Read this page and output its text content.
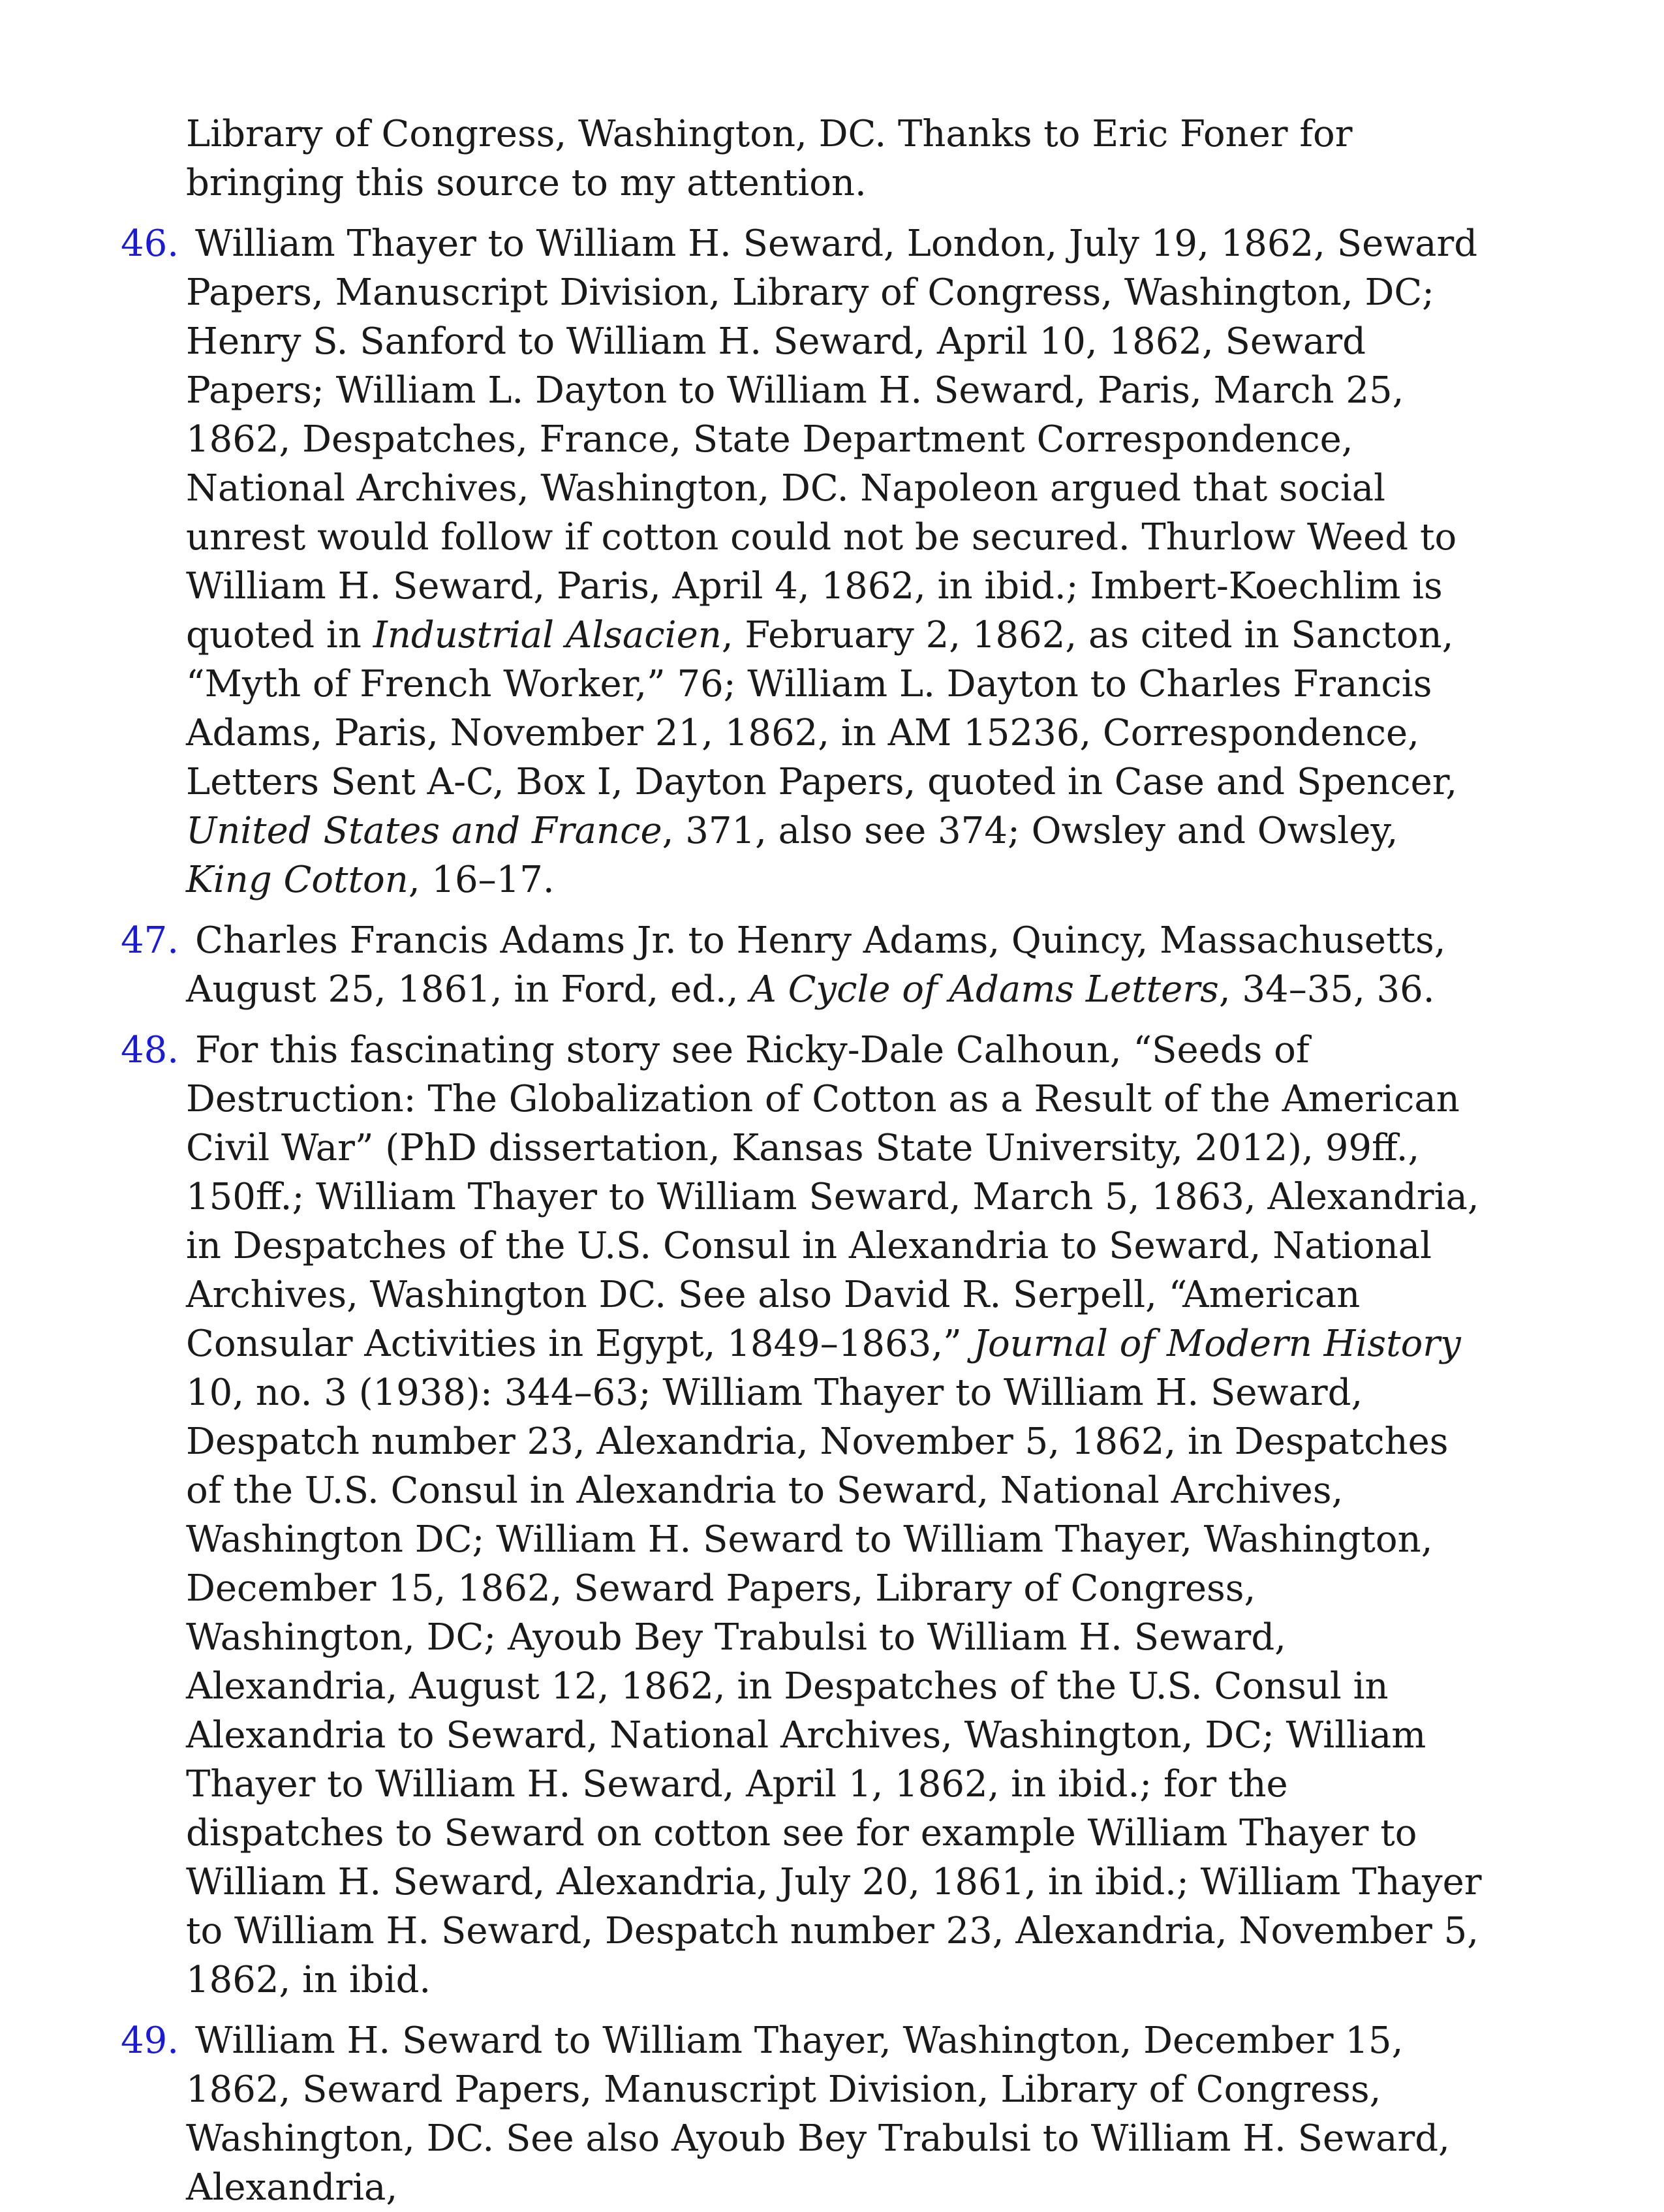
Library of Congress, Washington, DC. Thanks to Eric Foner for bringing this source to my attention.

46. William Thayer to William H. Seward, London, July 19, 1862, Seward Papers, Manuscript Division, Library of Congress, Washington, DC; Henry S. Sanford to William H. Seward, April 10, 1862, Seward Papers; William L. Dayton to William H. Seward, Paris, March 25, 1862, Despatches, France, State Department Correspondence, National Archives, Washington, DC. Napoleon argued that social unrest would follow if cotton could not be secured. Thurlow Weed to William H. Seward, Paris, April 4, 1862, in ibid.; Imbert-Koechlim is quoted in Industrial Alsacien, February 2, 1862, as cited in Sancton, “Myth of French Worker,” 76; William L. Dayton to Charles Francis Adams, Paris, November 21, 1862, in AM 15236, Correspondence, Letters Sent A-C, Box I, Dayton Papers, quoted in Case and Spencer, United States and France, 371, also see 374; Owsley and Owsley, King Cotton, 16–17.

47. Charles Francis Adams Jr. to Henry Adams, Quincy, Massachusetts, August 25, 1861, in Ford, ed., A Cycle of Adams Letters, 34–35, 36.

48. For this fascinating story see Ricky-Dale Calhoun, “Seeds of Destruction: The Globalization of Cotton as a Result of the American Civil War” (PhD dissertation, Kansas State University, 2012), 99ff., 150ff.; William Thayer to William Seward, March 5, 1863, Alexandria, in Despatches of the U.S. Consul in Alexandria to Seward, National Archives, Washington DC. See also David R. Serpell, “American Consular Activities in Egypt, 1849–1863,” Journal of Modern History 10, no. 3 (1938): 344–63; William Thayer to William H. Seward, Despatch number 23, Alexandria, November 5, 1862, in Despatches of the U.S. Consul in Alexandria to Seward, National Archives, Washington DC; William H. Seward to William Thayer, Washington, December 15, 1862, Seward Papers, Library of Congress, Washington, DC; Ayoub Bey Trabulsi to William H. Seward, Alexandria, August 12, 1862, in Despatches of the U.S. Consul in Alexandria to Seward, National Archives, Washington, DC; William Thayer to William H. Seward, April 1, 1862, in ibid.; for the dispatches to Seward on cotton see for example William Thayer to William H. Seward, Alexandria, July 20, 1861, in ibid.; William Thayer to William H. Seward, Despatch number 23, Alexandria, November 5, 1862, in ibid.

49. William H. Seward to William Thayer, Washington, December 15, 1862, Seward Papers, Manuscript Division, Library of Congress, Washington, DC. See also Ayoub Bey Trabulsi to William H. Seward, Alexandria,
